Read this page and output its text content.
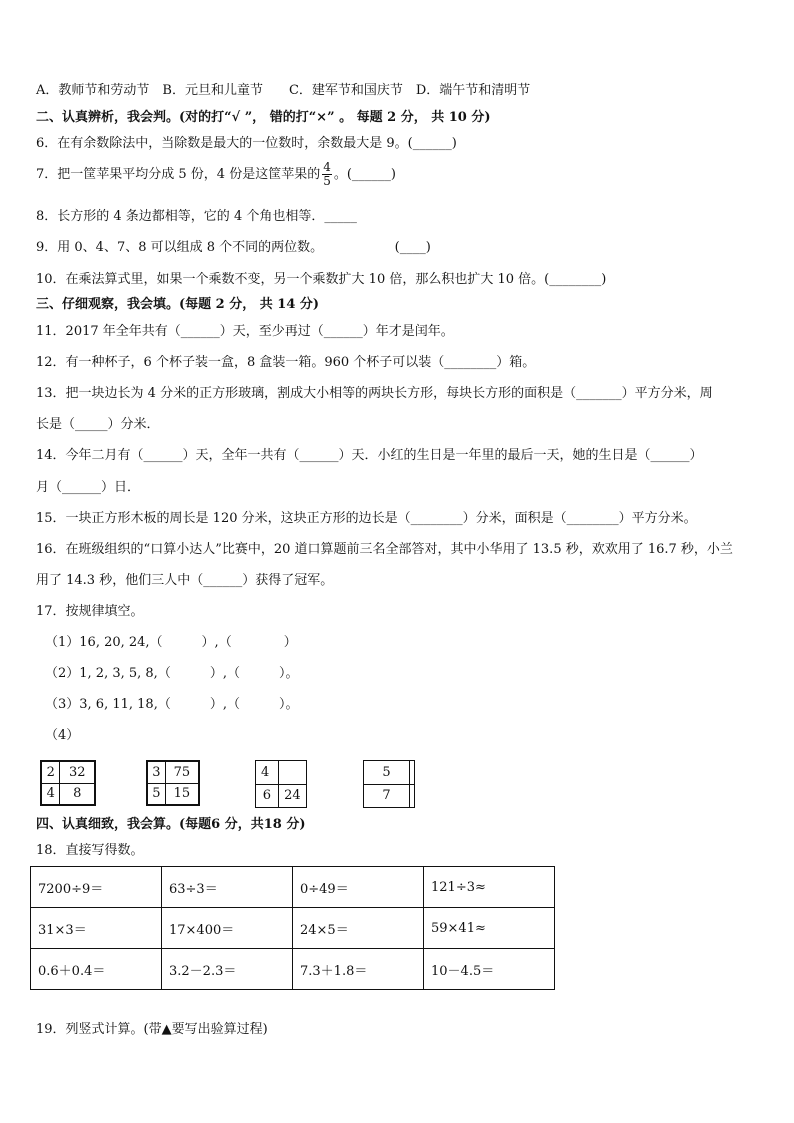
A．教师节和劳动节　B．元旦和儿童节　　C．建军节和国庆节　D．端午节和清明节
二、认真辨析，我会判。(对的打“√ ”， 错的打“×” 。 每题 2 分， 共 10 分)
6．在有余数除法中，当除数是最大的一位数时，余数最大是 9。(______)
7．把一筐苹果平均分成 5 份，4 份是这筐苹果的 $\frac{4}{5}$ 。(______)
8．长方形的 4 条边都相等，它的 4 个角也相等．_____
9．用 0、4、7、8 可以组成 8 个不同的两位数。　　　　　　(____)
10．在乘法算式里，如果一个乘数不变，另一个乘数扩大 10 倍，那么积也扩大 10 倍。(________)
三、仔细观察，我会填。(每题 2 分， 共 14 分)
11．2017 年全年共有（______）天，至少再过（______）年才是闰年。
12．有一种杯子，6 个杯子装一盒，8 盒装一箱。960 个杯子可以装（________）箱。
13．把一块边长为 4 分米的正方形玻璃，割成大小相等的两块长方形，每块长方形的面积是（_______）平方分米，周
长是（_____）分米．
14．今年二月有（______）天，全年一共有（______）天．小红的生日是一年里的最后一天，她的生日是（______）
月（______）日．
15．一块正方形木板的周长是 120 分米，这块正方形的边长是（________）分米，面积是（________）平方分米。
16．在班级组织的“口算小达人”比赛中，20 道口算题前三名全部答对，其中小华用了 13.5 秒，欢欢用了 16.7 秒，小兰
用了 14.3 秒，他们三人中（______）获得了冠军。
17．按规律填空。
（1）16, 20, 24,（　　　）,（　　　　）
（2）1, 2, 3, 5, 8,（　　　）,（　　　）。
（3）3, 6, 11, 18,（　　　）,（　　　）。
（4）
2	32
4	8
3	75
5	15
4	
6	24
5	
7	
四、认真细致，我会算。(每题6 分，共18 分)
18．直接写得数。
7200÷9＝	63÷3＝	0÷49＝	121÷3≈
31×3＝	17×400＝	24×5＝	59×41≈
0.6＋0.4＝	3.2－2.3＝	7.3＋1.8＝	10－4.5＝
19．列竖式计算。(带▲要写出验算过程)
